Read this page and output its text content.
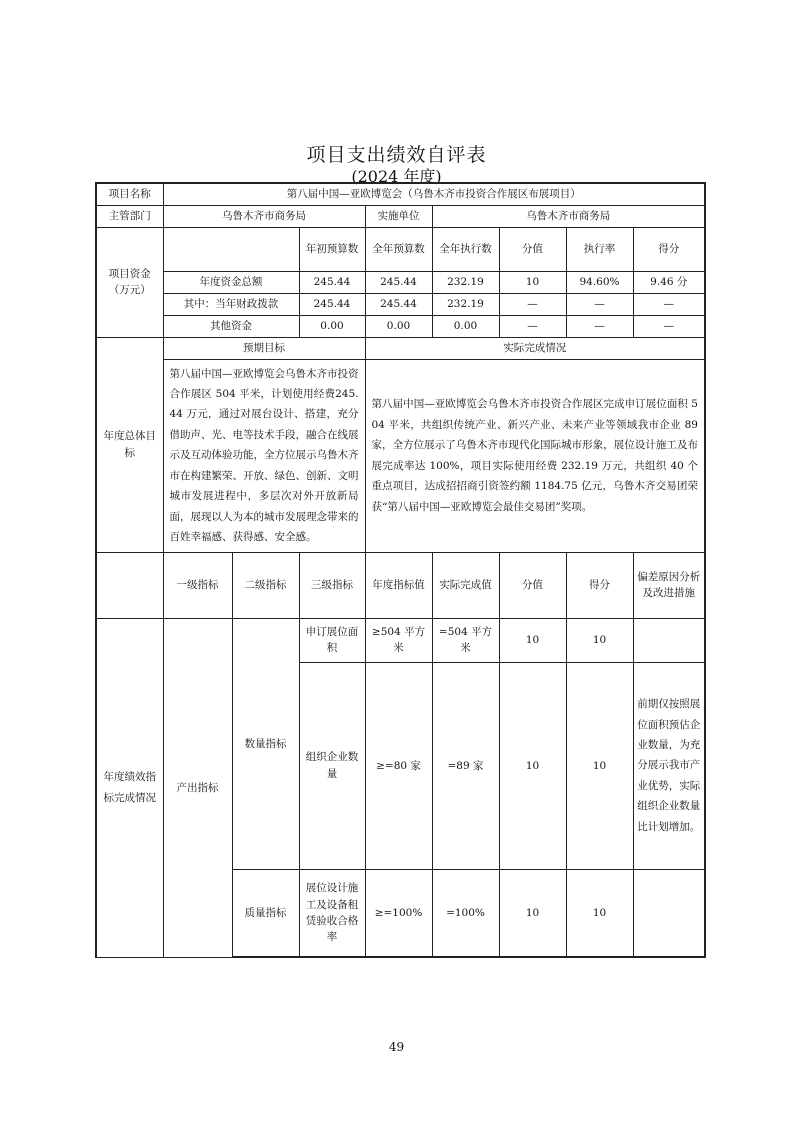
项目支出绩效自评表
(2024 年度)
项目名称	第八届中国—亚欧博览会（乌鲁木齐市投资合作展区布展项目）							
主管部门	乌鲁木齐市商务局			实施单位	乌鲁木齐市商务局			
项目资金（万元）			年初预算数	全年预算数	全年执行数	分值	执行率	得分
	年度资金总额		245.44	245.44	232.19	10	94.60%	9.46 分
	其中：当年财政拨款		245.44	245.44	232.19	—	—	—
	其他资金		0.00	0.00	0.00	—	—	—
年度总体目标	预期目标			实际完成情况				
	第八届中国—亚欧博览会乌鲁木齐市投资合作展区 504 平米，计划使用经费245.44 万元，通过对展台设计、搭建，充分借助声、光、电等技术手段，融合在线展示及互动体验功能，全方位展示乌鲁木齐市在构建繁荣、开放、绿色、创新、文明城市发展进程中，多层次对外开放新局面，展现以人为本的城市发展理念带来的百姓幸福感、获得感、安全感。			第八届中国—亚欧博览会乌鲁木齐市投资合作展区完成申订展位面积 504 平米，共组织传统产业、新兴产业、未来产业等领域我市企业 89 家，全方位展示了乌鲁木齐市现代化国际城市形象，展位设计施工及布展完成率达 100%，项目实际使用经费 232.19 万元，共组织 40 个重点项目，达成招招商引资签约额 1184.75 亿元，乌鲁木齐交易团荣获“第八届中国—亚欧博览会最佳交易团”奖项。				
	一级指标	二级指标	三级指标	年度指标值	实际完成值	分值	得分	偏差原因分析及改进措施
年度绩效指标完成情况	产出指标	数量指标	申订展位面积	≥504 平方米	=504 平方米	10	10	
			组织企业数量	≥=80 家	=89 家	10	10	前期仅按照展位面积预估企业数量，为充分展示我市产业优势，实际组织企业数量比计划增加。
		质量指标	展位设计施工及设备租赁验收合格率	≥=100%	=100%	10	10	
49
